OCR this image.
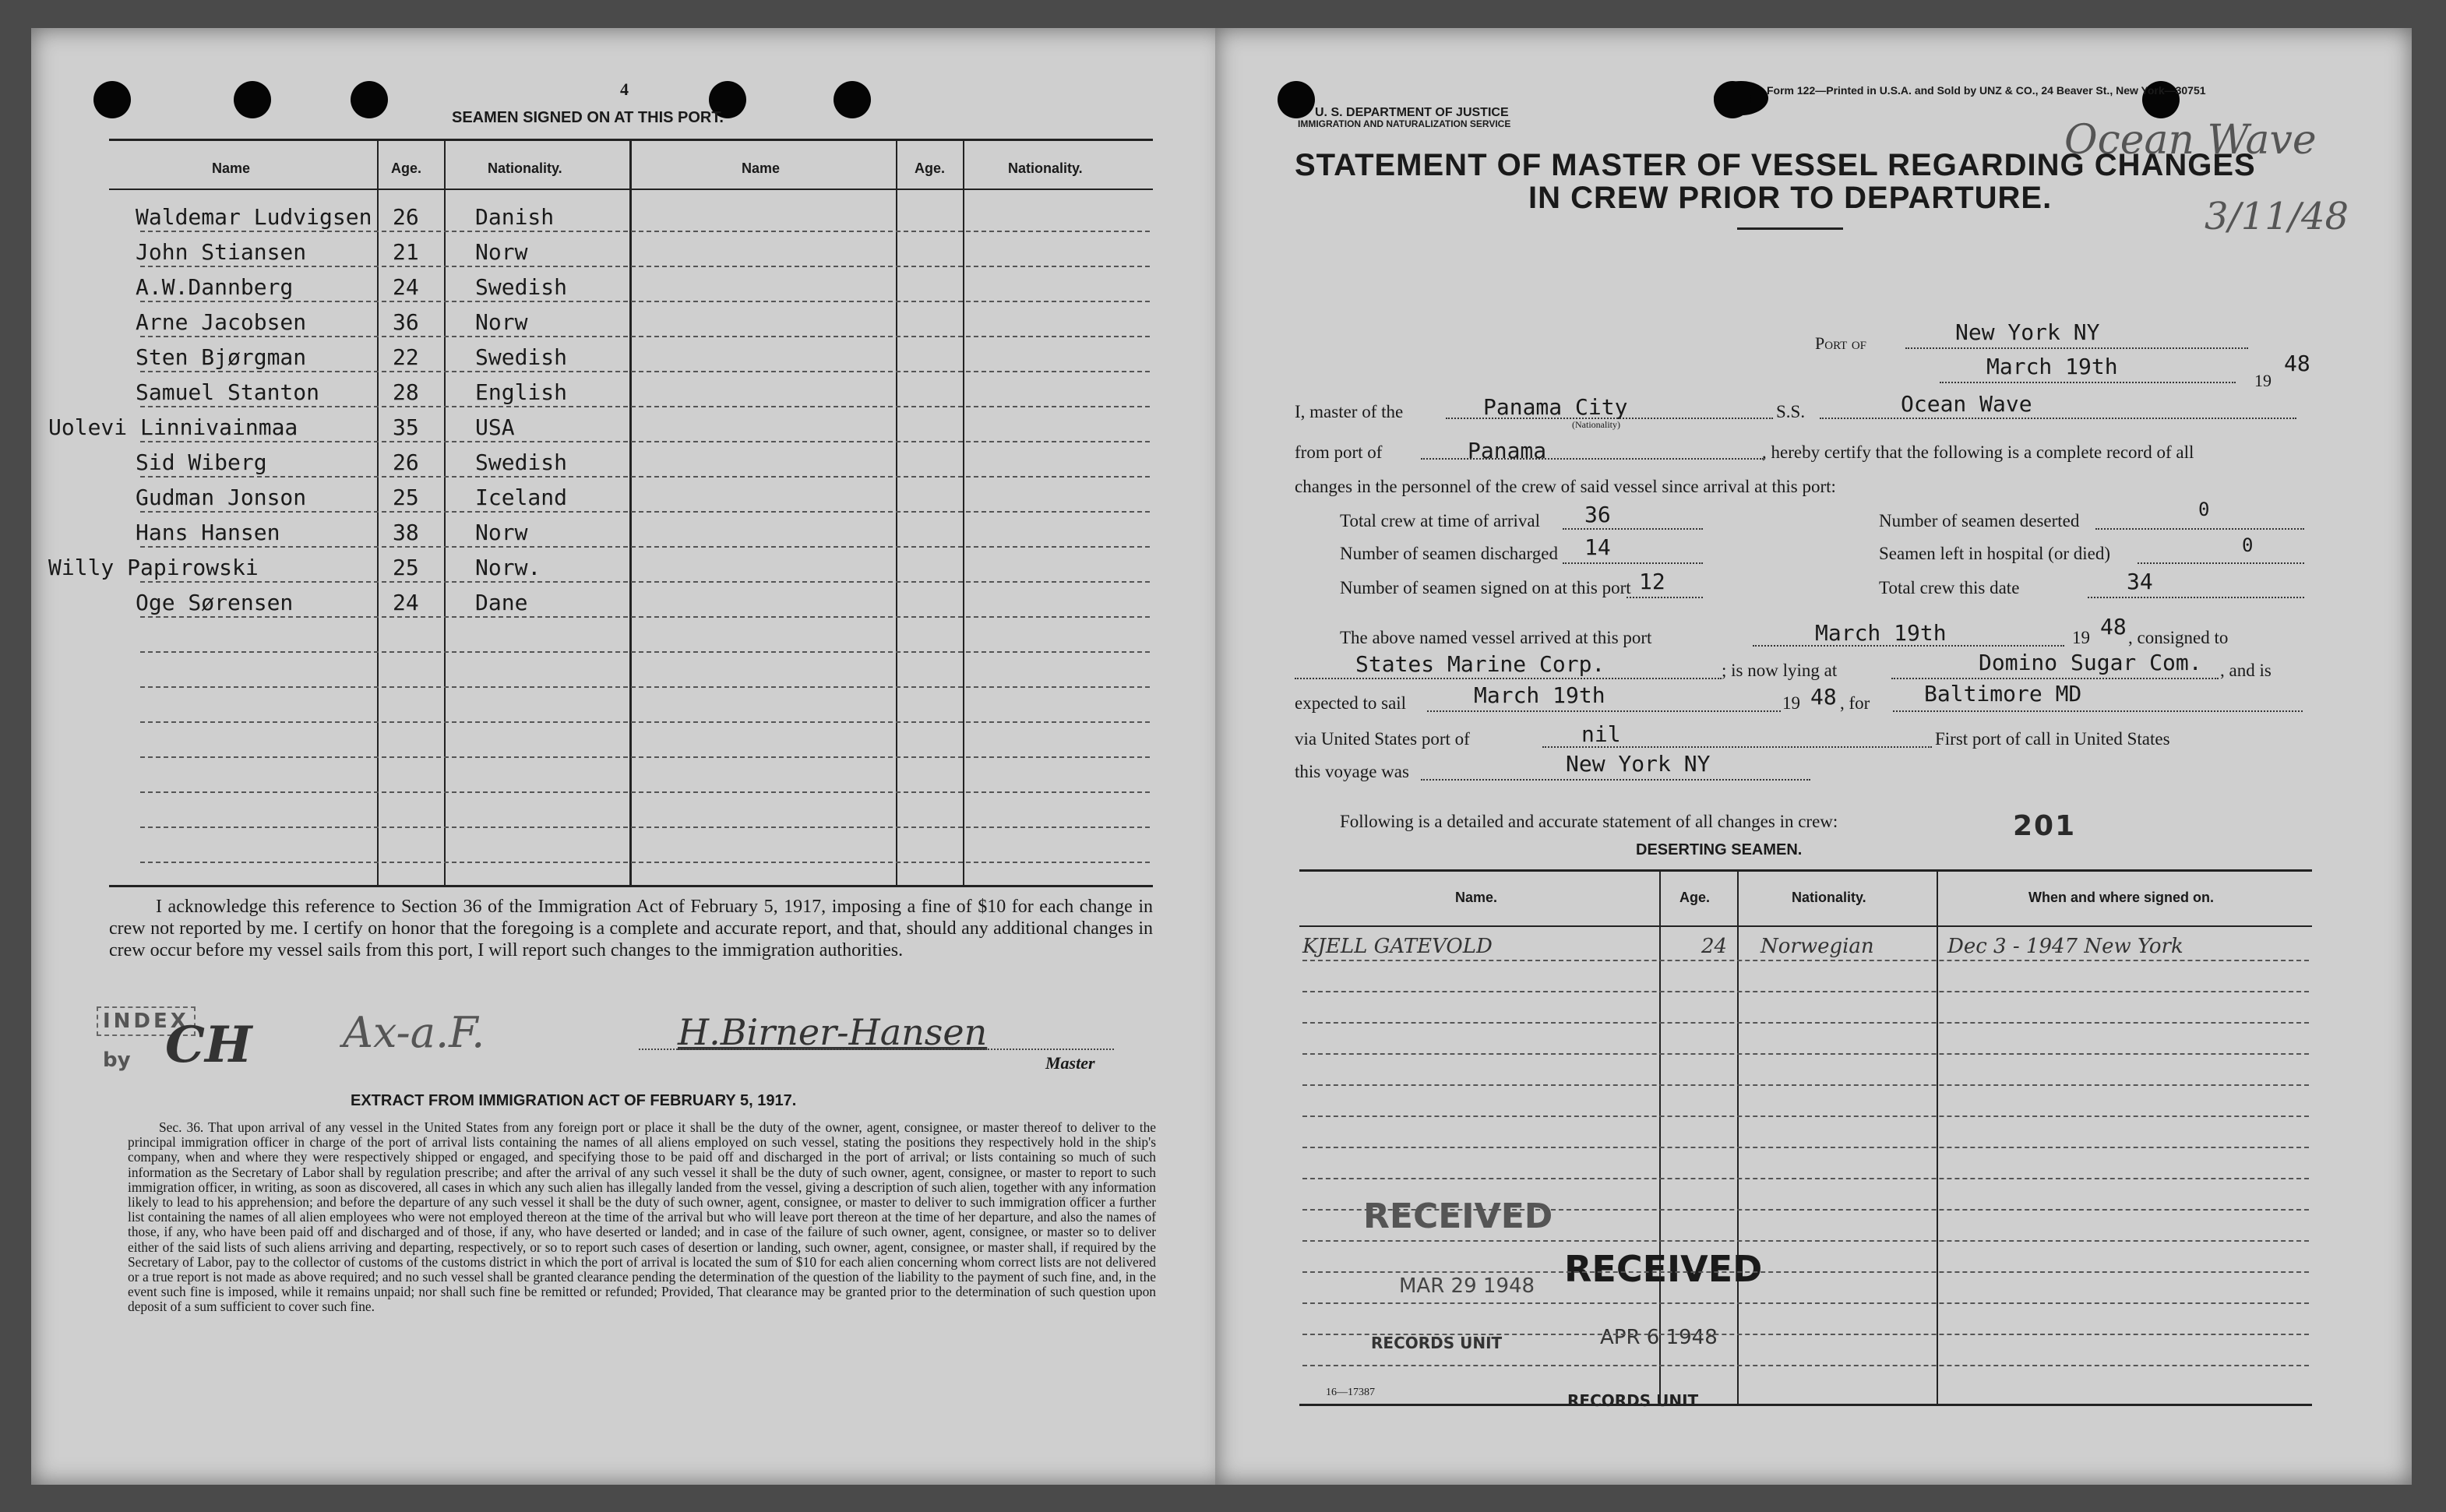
4
SEAMEN SIGNED ON AT THIS PORT.
Name	Age.	Nationality.	Name	Age.	Nationality.
I acknowledge this reference to Section 36 of the Immigration Act of February 5, 1917, imposing a fine of $10 for each change in crew not reported by me. I certify on honor that the foregoing is a complete and accurate report, and that, should any additional changes in crew occur before my vessel sails from this port, I will report such changes to the immigration authorities.
INDEX
by CH Ax-a.F.	H.Birner-Hansen
Master
EXTRACT FROM IMMIGRATION ACT OF FEBRUARY 5, 1917.
Sec. 36. That upon arrival of any vessel in the United States from any foreign port or place it shall be the duty of the owner, agent, consignee, or master thereof to deliver to the principal immigration officer in charge of the port of arrival lists containing the names of all aliens employed on such vessel, stating the positions they respectively hold in the ship's company, when and where they were respectively shipped or engaged, and specifying those to be paid off and discharged in the port of arrival; or lists containing so much of such information as the Secretary of Labor shall by regulation prescribe; and after the arrival of any such vessel it shall be the duty of such owner, agent, consignee, or master to report to such immigration officer, in writing, as soon as discovered, all cases in which any such alien has illegally landed from the vessel, giving a description of such alien, together with any information likely to lead to his apprehension; and before the departure of any such vessel it shall be the duty of such owner, agent, consignee, or master to deliver to such immigration officer a further list containing the names of all alien employees who were not employed thereon at the time of the arrival but who will leave port thereon at the time of her departure, and also the names of those, if any, who have been paid off and discharged and of those, if any, who have deserted or landed; and in case of the failure of such owner, agent, consignee, or master so to deliver either of the said lists of such aliens arriving and departing, respectively, or so to report such cases of desertion or landing, such owner, agent, consignee, or master shall, if required by the Secretary of Labor, pay to the collector of customs of the customs district in which the port of arrival is located the sum of $10 for each alien concerning whom correct lists are not delivered or a true report is not made as above required; and no such vessel shall be granted clearance pending the determination of the question of the liability to the payment of such fine, and, in the event such fine is imposed, while it remains unpaid; nor shall such fine be remitted or refunded; Provided, That clearance may be granted prior to the determination of such question upon deposit of a sum sufficient to cover such fine.
Waldemar Ludvigsen 26	Danish
John Stiansen	21	Norw
A.W.Dannberg	24	Swedish
Arne Jacobsen	36	Norw
Sten Bjørgman	22	Swedish
Samuel Stanton	28	English
Uolevi Linnivainmaa	35	USA
Sid Wiberg	26	Swedish
Gudman Jonson	25	Iceland
Hans Hansen	38	Norw
Willy Papirowski	25	Norw.
Oge Sørensen	24	Dane
U. S. DEPARTMENT OF JUSTICE
IMMIGRATION AND NATURALIZATION SERVICE
Form 122—Printed in U.S.A. and Sold by UNZ & CO., 24 Beaver St., New York—30751
Ocean Wave
3/11/48
STATEMENT OF MASTER OF VESSEL REGARDING CHANGES
IN CREW PRIOR TO DEPARTURE.
Port of	New York NY
March 19th
19
48
I, master of the	Panama City
(Nationality)
S.S.	Ocean Wave
from port of	Panama	, hereby certify that the following is a complete record of all
changes in the personnel of the crew of said vessel since arrival at this port:
Total crew at time of arrival 36	Number of seamen deserted
0
Number of seamen discharged 14	Seamen left in hospital (or died)	0
Number of seamen signed on at this port 12	Total crew this date	34
The above named vessel arrived at this port	March 19th	19 48 , consigned to
States Marine Corp.	; is now lying at	Domino Sugar Com. , and is
expected to sail	March 19th	19 48 , for Baltimore MD
via United States port of	nil	First port of call in United States
this voyage was	New York NY
Following is a detailed and accurate statement of all changes in crew:	201
DESERTING SEAMEN.
Name.	Age.	Nationality.	When and where signed on.
RECEIVED
MAR 29 1948
RECORDS UNIT
RECEIVED
APR 6 1948
RECORDS UNIT
16—17387
KJELL GATEVOLD	24 Norwegian	Dec 3 - 1947 New York
